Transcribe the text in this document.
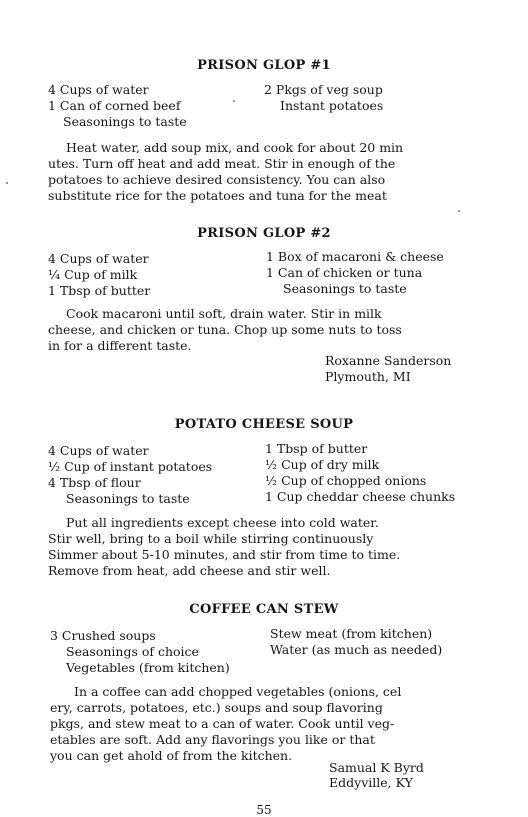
PRISON GLOP #1
4 Cups of water
1 Can of corned beef
Seasonings to taste
2 Pkgs of veg soup
Instant potatoes
Heat water, add soup mix, and cook for about 20 min
utes. Turn off heat and add meat. Stir in enough of the
potatoes to achieve desired consistency. You can also
substitute rice for the potatoes and tuna for the meat
PRISON GLOP #2
4 Cups of water
¼ Cup of milk
1 Tbsp of butter
1 Box of macaroni & cheese
1 Can of chicken or tuna
Seasonings to taste
Cook macaroni until soft, drain water. Stir in milk
cheese, and chicken or tuna. Chop up some nuts to toss
in for a different taste.
Roxanne Sanderson
Plymouth, MI
POTATO CHEESE SOUP
4 Cups of water
½ Cup of instant potatoes
4 Tbsp of flour
Seasonings to taste
1 Tbsp of butter
½ Cup of dry milk
½ Cup of chopped onions
1 Cup cheddar cheese chunks
Put all ingredients except cheese into cold water.
Stir well, bring to a boil while stirring continuously
Simmer about 5-10 minutes, and stir from time to time.
Remove from heat, add cheese and stir well.
COFFEE CAN STEW
3 Crushed soups
Seasonings of choice
Vegetables (from kitchen)
Stew meat (from kitchen)
Water (as much as needed)
In a coffee can add chopped vegetables (onions, cel
ery, carrots, potatoes, etc.) soups and soup flavoring
pkgs, and stew meat to a can of water. Cook until veg-
etables are soft. Add any flavorings you like or that
you can get ahold of from the kitchen.
Samual K Byrd
Eddyville, KY
55
